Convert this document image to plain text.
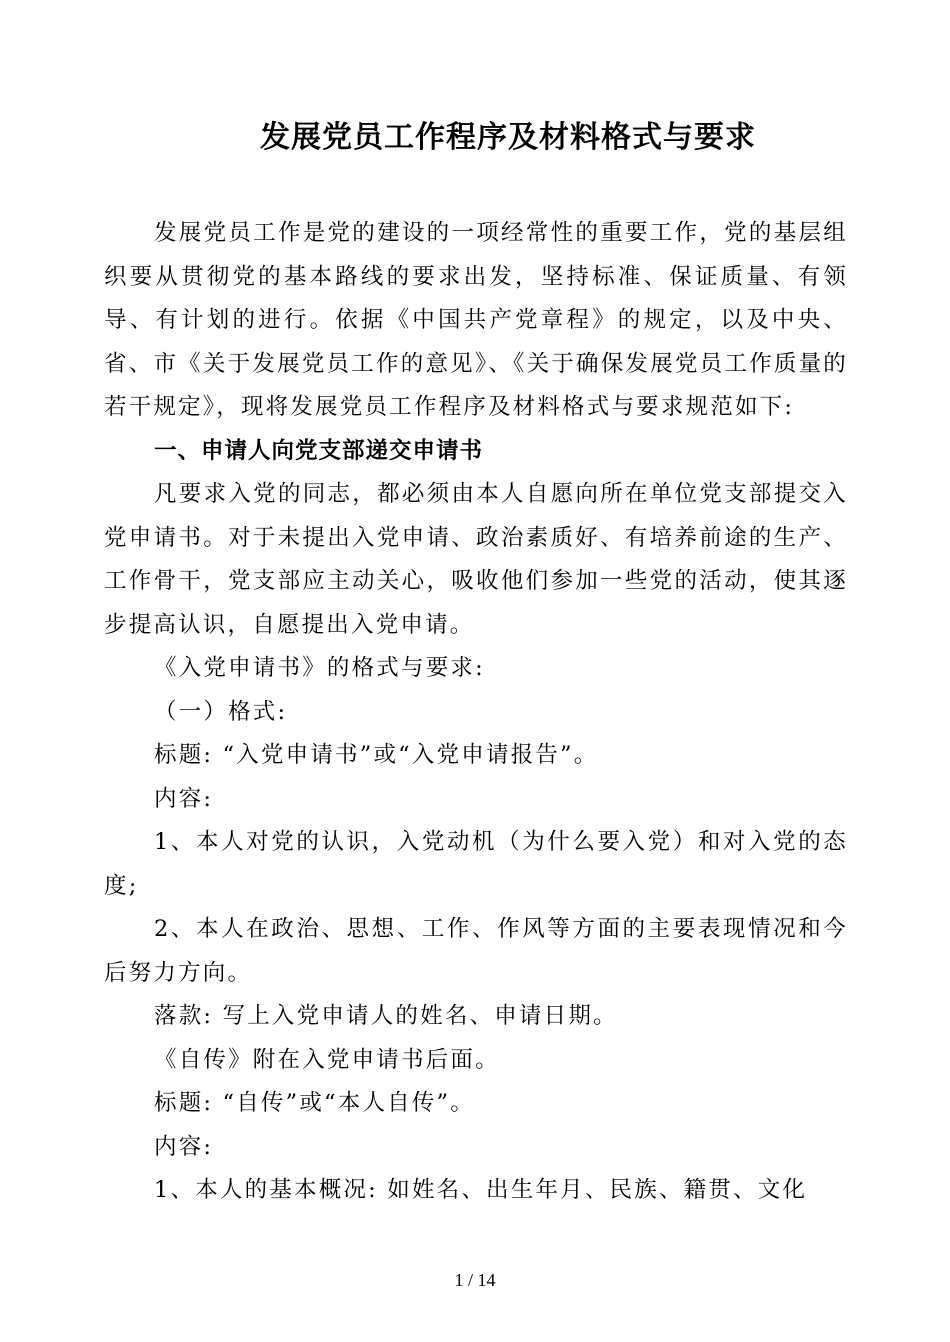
发展党员工作程序及材料格式与要求

发展党员工作是党的建设的一项经常性的重要工作，党的基层组织要从贯彻党的基本路线的要求出发，坚持标准、保证质量、有领导、有计划的进行。依据《中国共产党章程》的规定，以及中央、省、市《关于发展党员工作的意见》、《关于确保发展党员工作质量的若干规定》，现将发展党员工作程序及材料格式与要求规范如下:

一、申请人向党支部递交申请书

凡要求入党的同志，都必须由本人自愿向所在单位党支部提交入党申请书。对于未提出入党申请、政治素质好、有培养前途的生产、工作骨干，党支部应主动关心，吸收他们参加一些党的活动，使其逐步提高认识，自愿提出入党申请。

《入党申请书》的格式与要求:

（一）格式:

标题: “入党申请书”或“入党申请报告”。

内容:

1、本人对党的认识，入党动机（为什么要入党）和对入党的态度;

2、本人在政治、思想、工作、作风等方面的主要表现情况和今后努力方向。

落款: 写上入党申请人的姓名、申请日期。

《自传》附在入党申请书后面。

标题: “自传”或“本人自传”。

内容:

1、本人的基本概况: 如姓名、出生年月、民族、籍贯、文化

1 / 14
